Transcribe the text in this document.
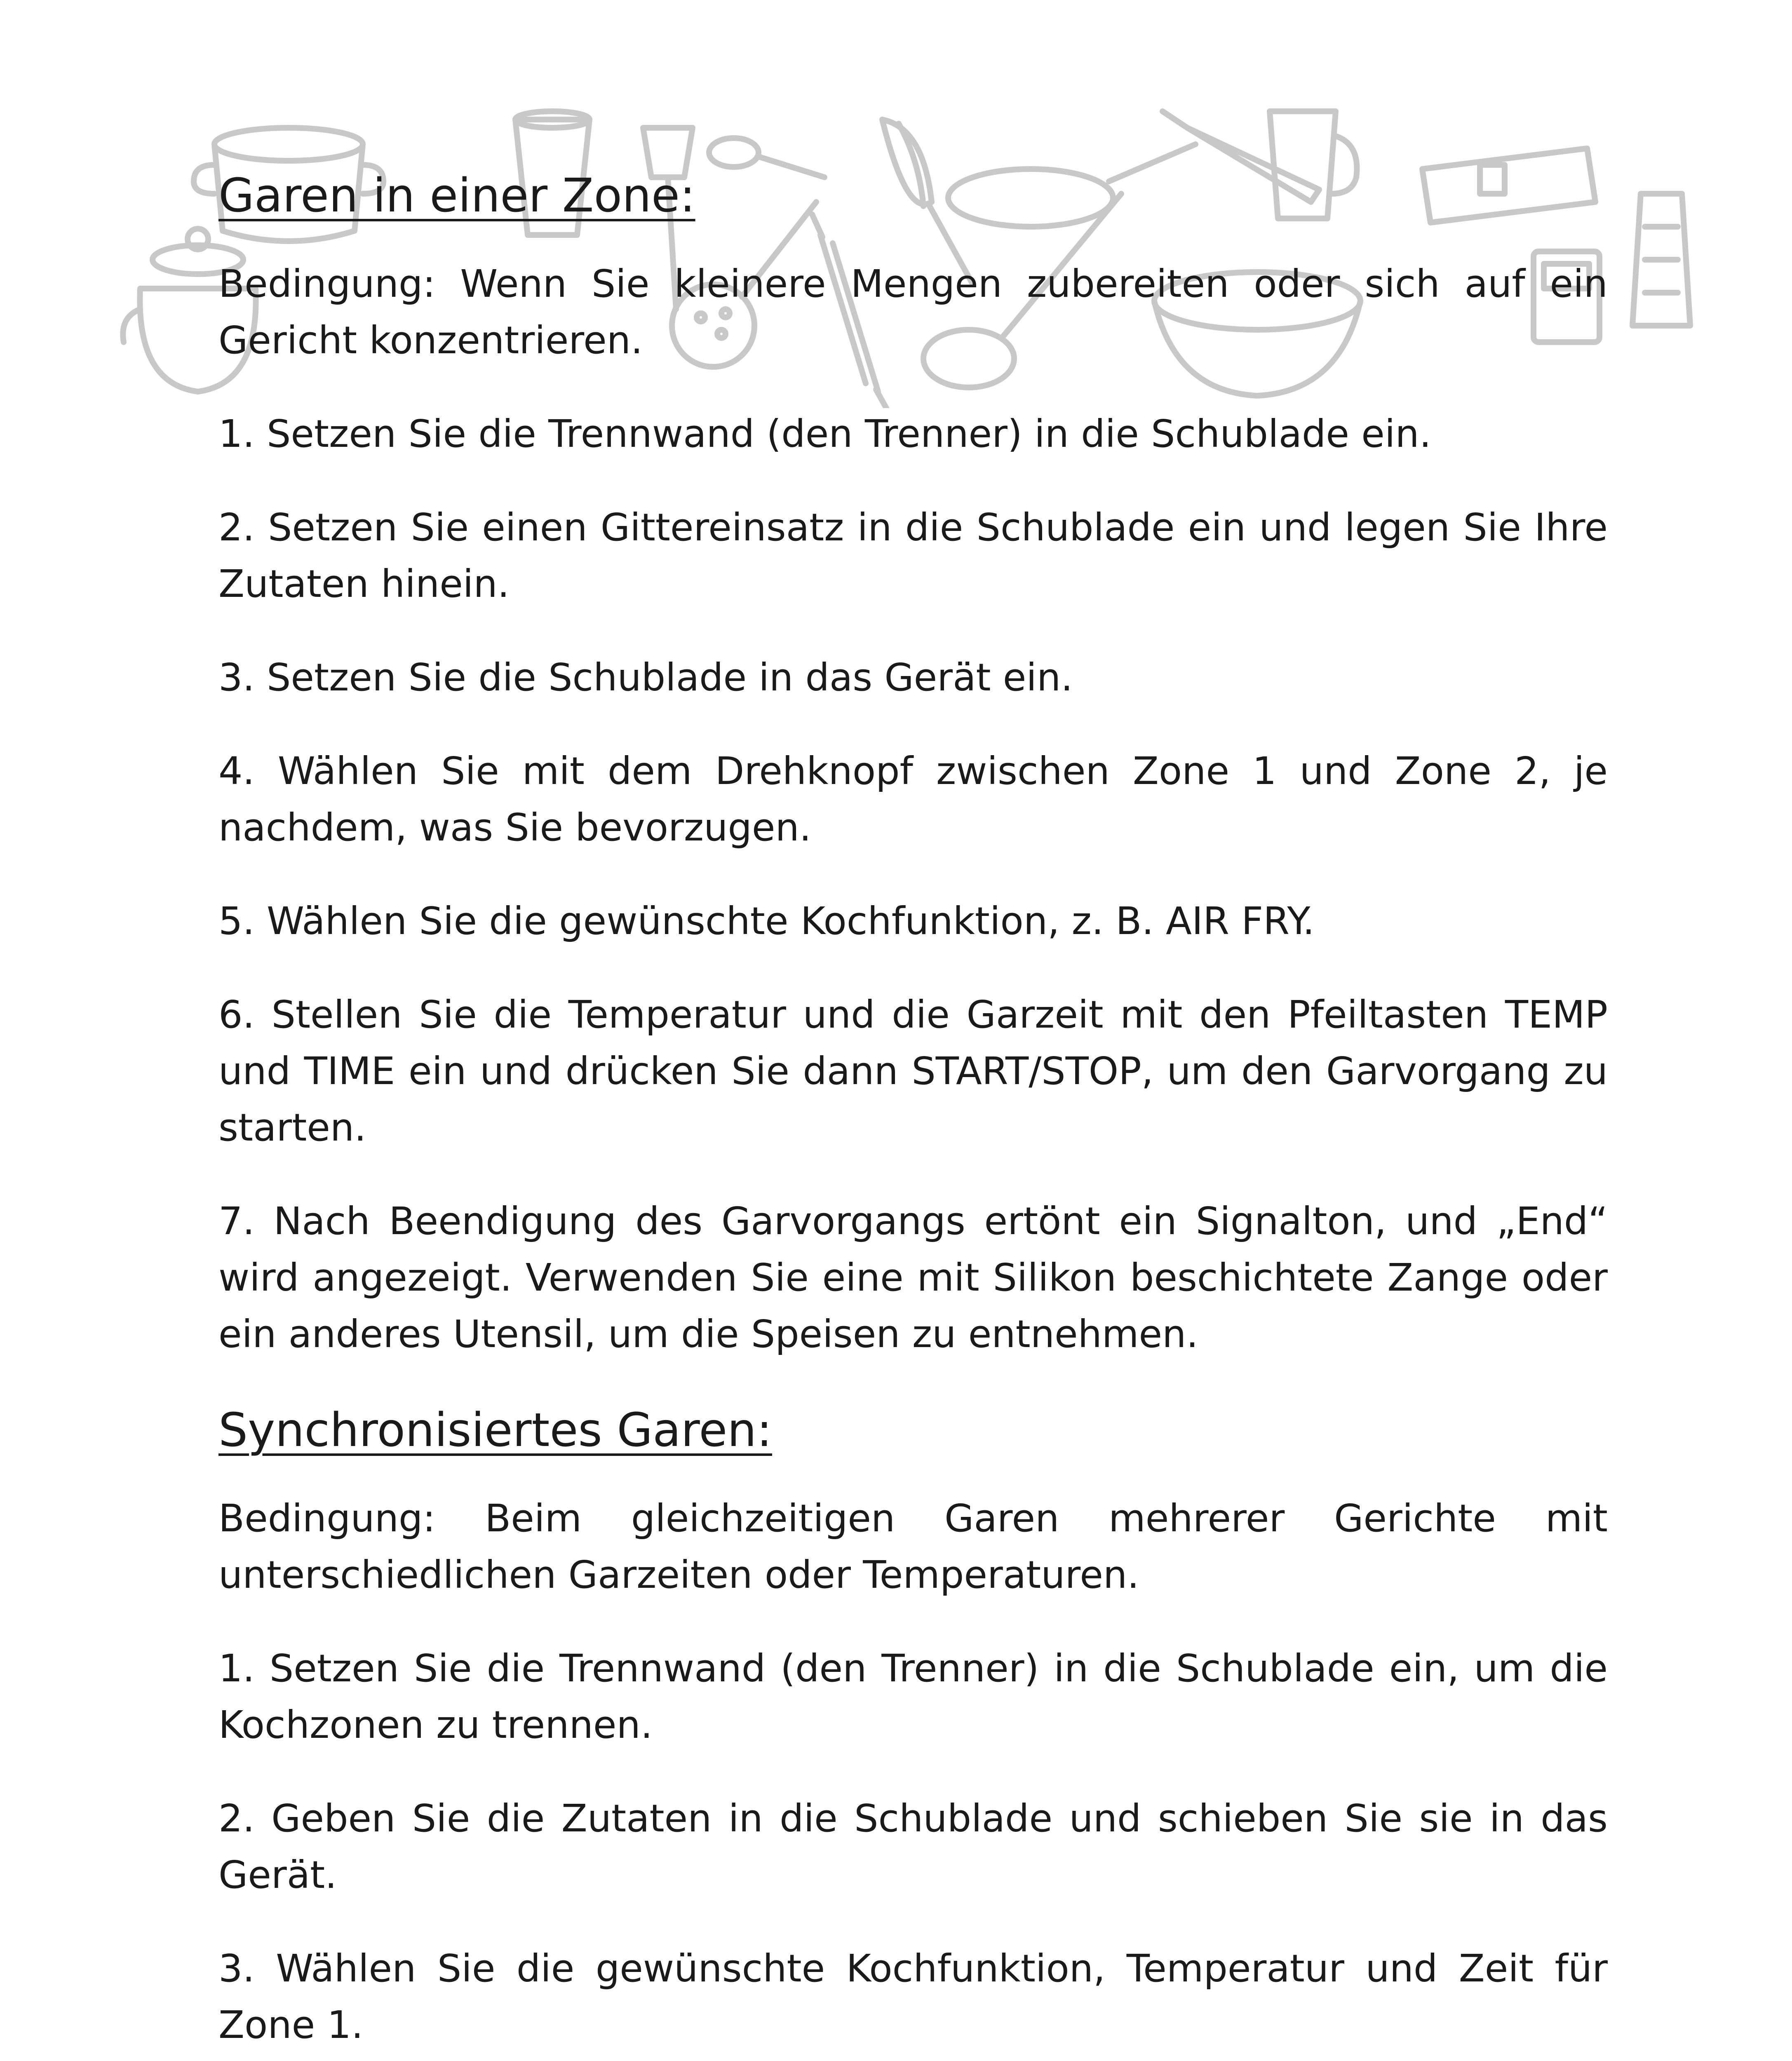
Garen in einer Zone:

Bedingung: Wenn Sie kleinere Mengen zubereiten oder sich auf ein Gericht konzentrieren.

1. Setzen Sie die Trennwand (den Trenner) in die Schublade ein.

2. Setzen Sie einen Gittereinsatz in die Schublade ein und legen Sie Ihre Zutaten hinein.

3. Setzen Sie die Schublade in das Gerät ein.

4. Wählen Sie mit dem Drehknopf zwischen Zone 1 und Zone 2, je nachdem, was Sie bevorzugen.

5. Wählen Sie die gewünschte Kochfunktion, z. B. AIR FRY.

6. Stellen Sie die Temperatur und die Garzeit mit den Pfeiltasten TEMP und TIME ein und drücken Sie dann START/STOP, um den Garvorgang zu starten.

7. Nach Beendigung des Garvorgangs ertönt ein Signalton, und „End“ wird angezeigt. Verwenden Sie eine mit Silikon beschichtete Zange oder ein anderes Utensil, um die Speisen zu entnehmen.

Synchronisiertes Garen:

Bedingung: Beim gleichzeitigen Garen mehrerer Gerichte mit unterschiedlichen Garzeiten oder Temperaturen.

1. Setzen Sie die Trennwand (den Trenner) in die Schublade ein, um die Kochzonen zu trennen.

2. Geben Sie die Zutaten in die Schublade und schieben Sie sie in das Gerät.

3. Wählen Sie die gewünschte Kochfunktion, Temperatur und Zeit für Zone 1.
